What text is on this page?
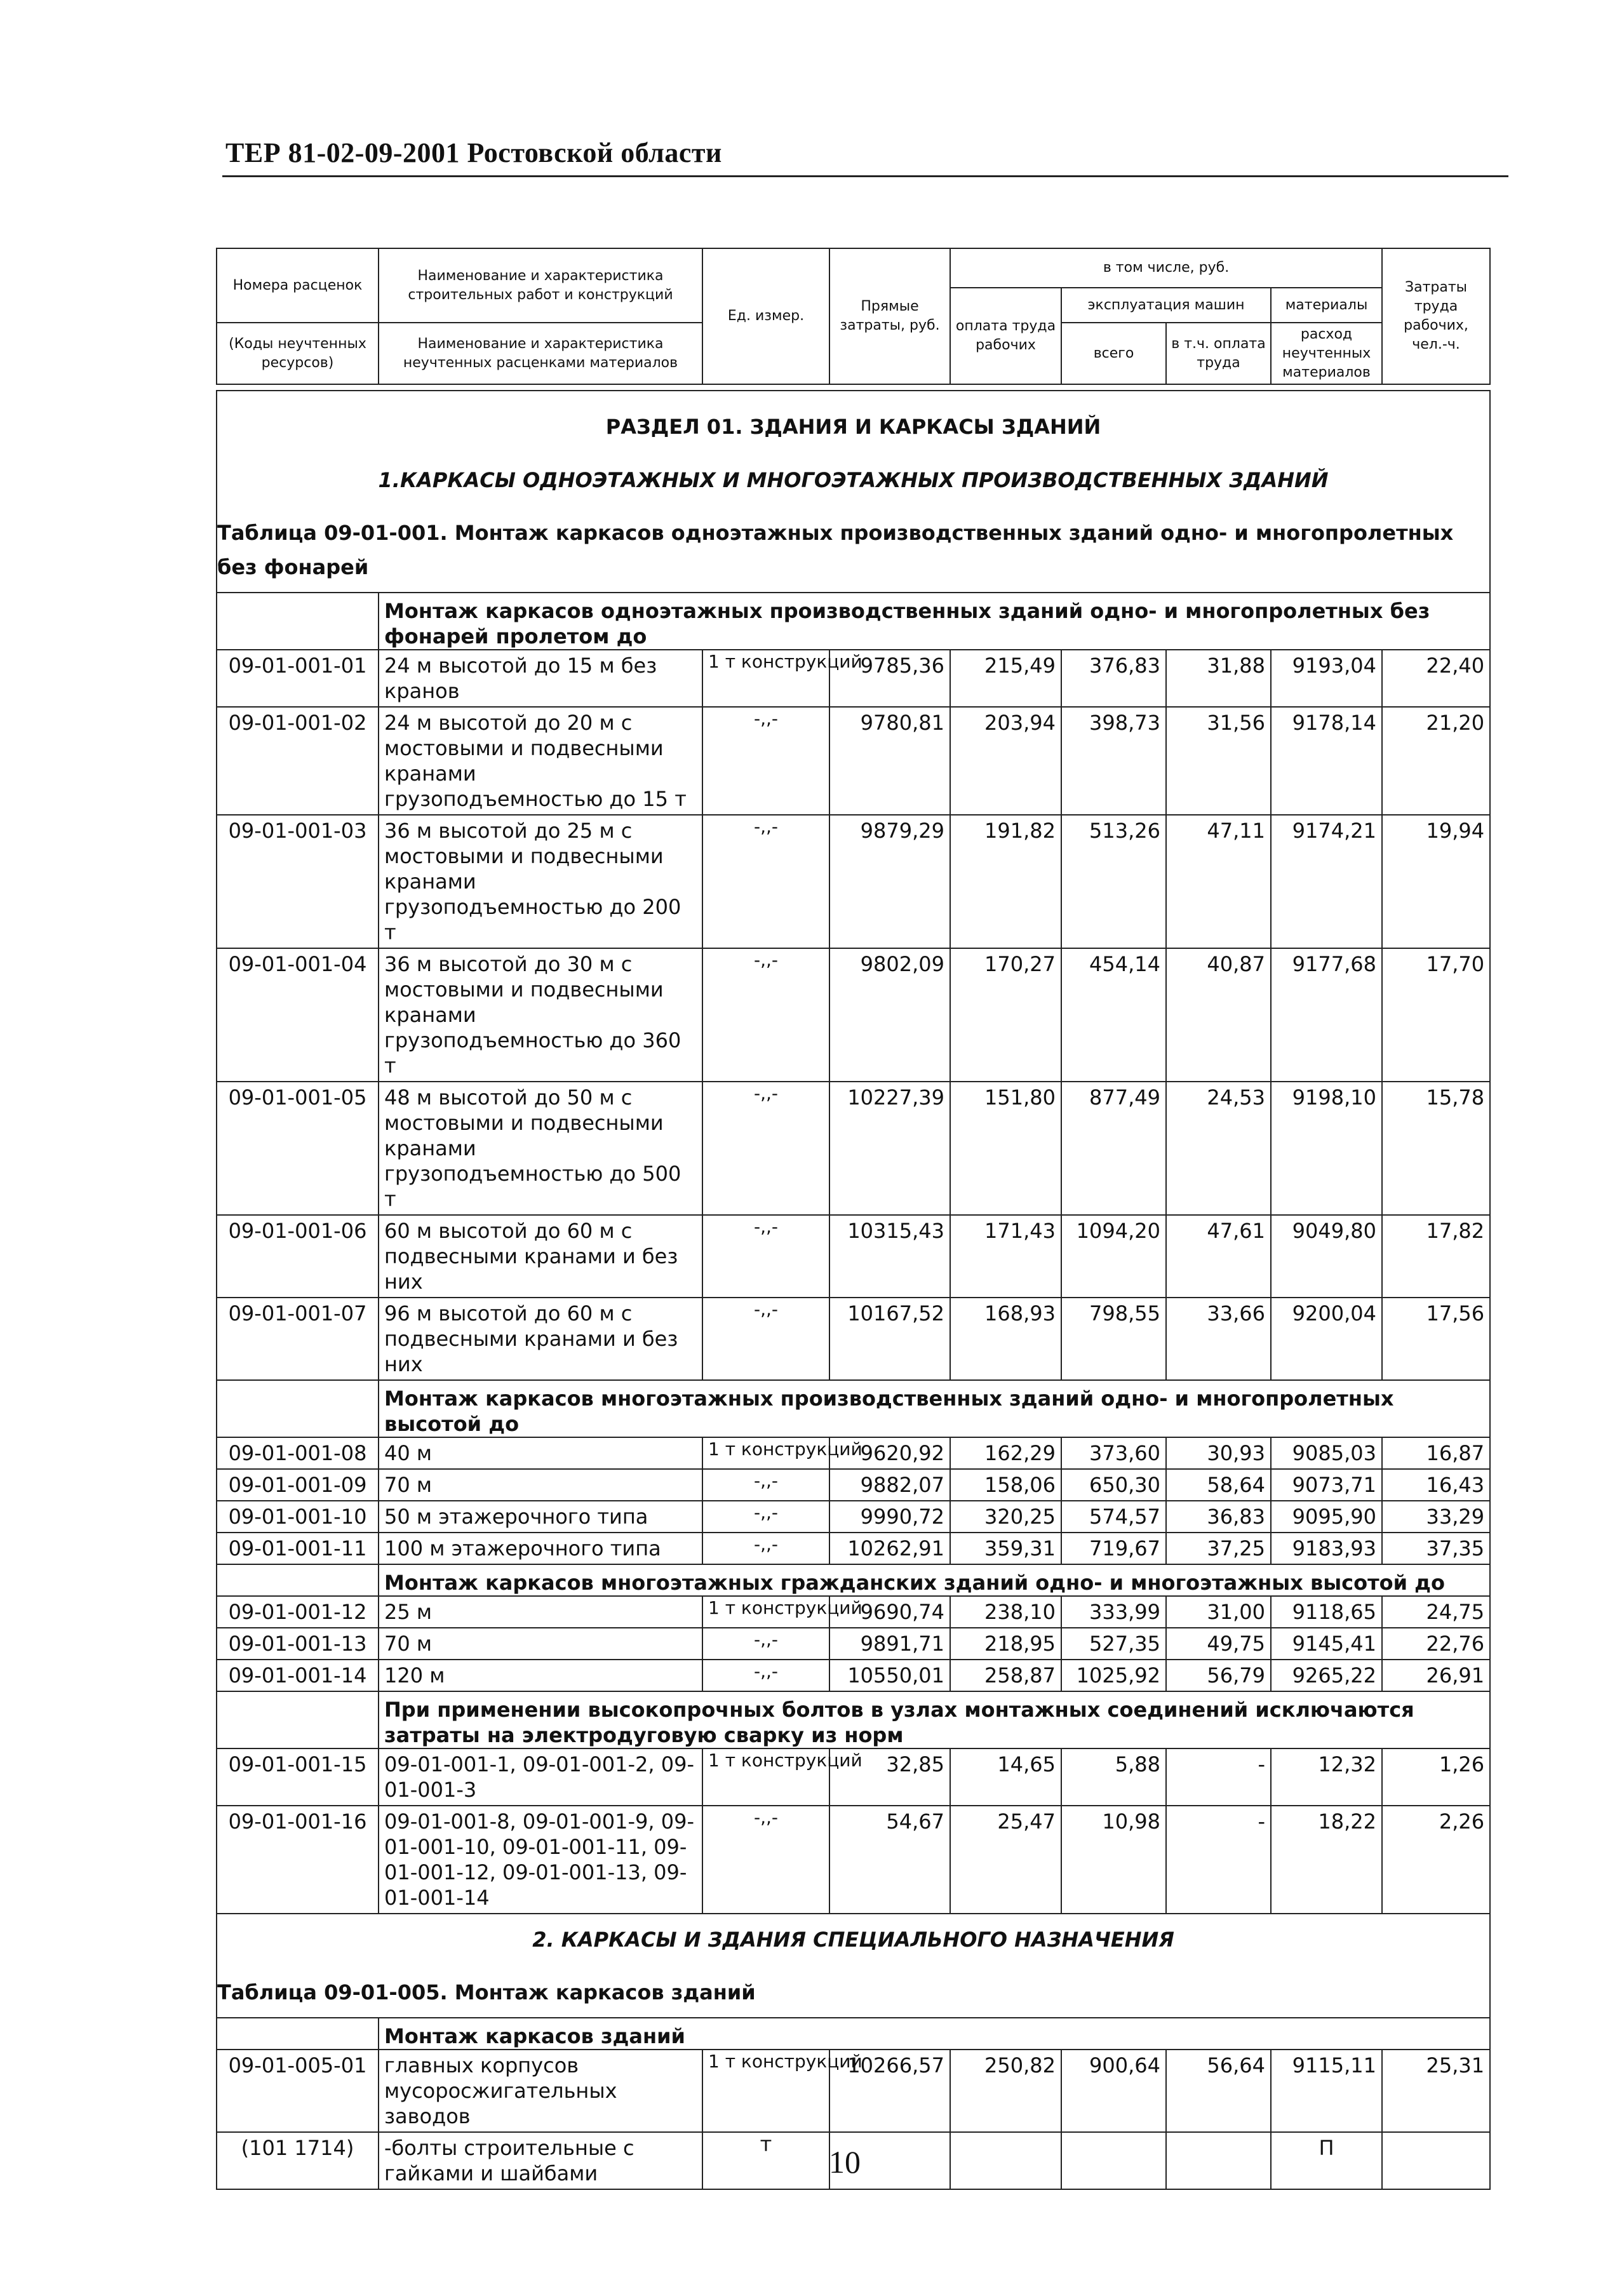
ТЕР 81-02-09-2001 Ростовской области
Номера расценок	Наименование и характеристика строительных работ и конструкций	Ед. измер.	Прямые затраты, руб.	в том числе, руб.				Затраты труда рабочих, чел.-ч.
				оплата труда рабочих	эксплуатация машин		материалы	
(Коды неучтенных ресурсов)	Наименование и характеристика неучтенных расценками материалов				всего	в т.ч. оплата труда	расход неучтенных материалов	

РАЗДЕЛ 01. ЗДАНИЯ И КАРКАСЫ ЗДАНИЙ								
1.КАРКАСЫ ОДНОЭТАЖНЫХ И МНОГОЭТАЖНЫХ ПРОИЗВОДСТВЕННЫХ ЗДАНИЙ								
Таблица 09-01-001. Монтаж каркасов одноэтажных производственных зданий одно- и многопролетных без фонарей								
	Монтаж каркасов одноэтажных производственных зданий одно- и многопролетных без фонарей пролетом до							
09-01-001-01	24 м высотой до 15 м без кранов	1 т конструкций	9785,36	215,49	376,83	31,88	9193,04	22,40
09-01-001-02	24 м высотой до 20 м с мостовыми и подвесными кранами грузоподъемностью до 15 т	-,,-	9780,81	203,94	398,73	31,56	9178,14	21,20
09-01-001-03	36 м высотой до 25 м с мостовыми и подвесными кранами грузоподъемностью до 200 т	-,,-	9879,29	191,82	513,26	47,11	9174,21	19,94
09-01-001-04	36 м высотой до 30 м с мостовыми и подвесными кранами грузоподъемностью до 360 т	-,,-	9802,09	170,27	454,14	40,87	9177,68	17,70
09-01-001-05	48 м высотой до 50 м с мостовыми и подвесными кранами грузоподъемностью до 500 т	-,,-	10227,39	151,80	877,49	24,53	9198,10	15,78
09-01-001-06	60 м высотой до 60 м с подвесными кранами и без них	-,,-	10315,43	171,43	1094,20	47,61	9049,80	17,82
09-01-001-07	96 м высотой до 60 м с подвесными кранами и без них	-,,-	10167,52	168,93	798,55	33,66	9200,04	17,56
	Монтаж каркасов многоэтажных производственных зданий одно- и многопролетных высотой до							
09-01-001-08	40 м	1 т конструкций	9620,92	162,29	373,60	30,93	9085,03	16,87
09-01-001-09	70 м	-,,-	9882,07	158,06	650,30	58,64	9073,71	16,43
09-01-001-10	50 м этажерочного типа	-,,-	9990,72	320,25	574,57	36,83	9095,90	33,29
09-01-001-11	100 м этажерочного типа	-,,-	10262,91	359,31	719,67	37,25	9183,93	37,35
	Монтаж каркасов многоэтажных гражданских зданий одно- и многоэтажных высотой до							
09-01-001-12	25 м	1 т конструкций	9690,74	238,10	333,99	31,00	9118,65	24,75
09-01-001-13	70 м	-,,-	9891,71	218,95	527,35	49,75	9145,41	22,76
09-01-001-14	120 м	-,,-	10550,01	258,87	1025,92	56,79	9265,22	26,91
	При применении высокопрочных болтов в узлах монтажных соединений исключаются затраты на электродуговую сварку из норм							
09-01-001-15	09-01-001-1, 09-01-001-2, 09-01-001-3	1 т конструкций	32,85	14,65	5,88	-	12,32	1,26
09-01-001-16	09-01-001-8, 09-01-001-9, 09-01-001-10, 09-01-001-11, 09-01-001-12, 09-01-001-13, 09-01-001-14	-,,-	54,67	25,47	10,98	-	18,22	2,26
2. КАРКАСЫ И ЗДАНИЯ СПЕЦИАЛЬНОГО НАЗНАЧЕНИЯ								
Таблица 09-01-005. Монтаж каркасов зданий								
	Монтаж каркасов зданий							
09-01-005-01	главных корпусов мусоросжигательных заводов	1 т конструкций	10266,57	250,82	900,64	56,64	9115,11	25,31
(101 1714)	-болты строительные с гайками и шайбами	т					П	
10
